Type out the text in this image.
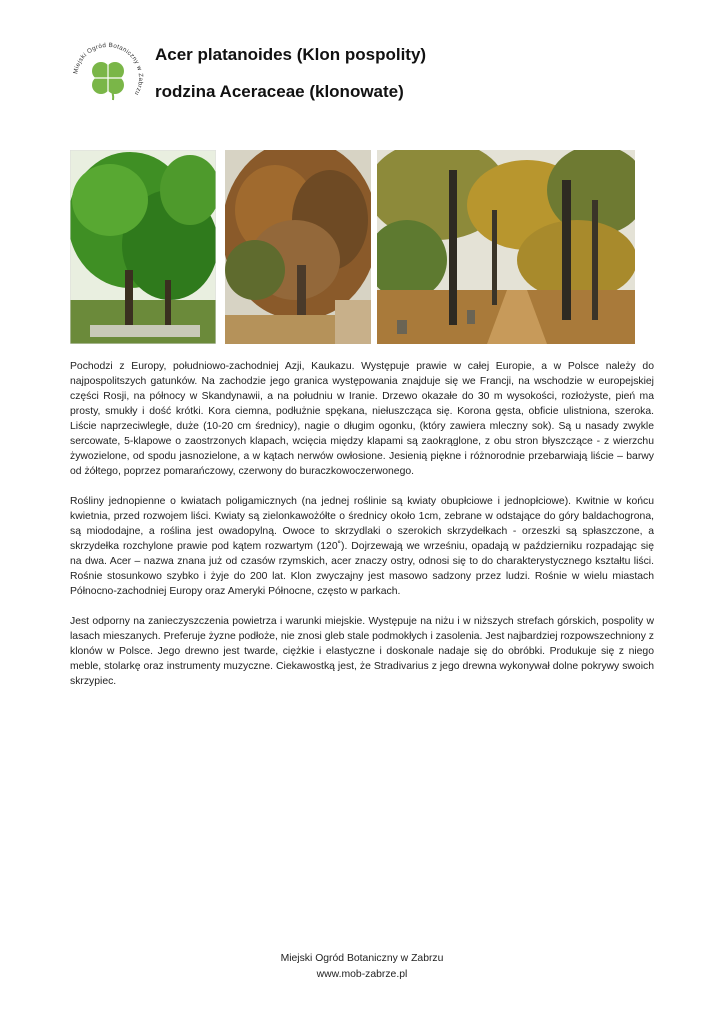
Miejski Ogród Botaniczny w Zabrzu
Acer platanoides (Klon pospolity)
rodzina Aceraceae (klonowate)

Pochodzi z Europy, południowo-zachodniej Azji, Kaukazu. Występuje prawie w całej Europie, a w Polsce należy do najpospolitszych gatunków. Na zachodzie jego granica występowania znajduje się we Francji, na wschodzie w europejskiej części Rosji, na północy w Skandynawii, a na południu w Iranie. Drzewo okazałe do 30 m wysokości, rozłożyste, pień ma prosty, smukły i dość krótki. Kora ciemna, podłużnie spękana, niełuszcząca się. Korona gęsta, obficie ulistniona, szeroka. Liście naprzeciwległe, duże (10-20 cm średnicy), nagie o długim ogonku, (który zawiera mleczny sok). Są u nasady zwykle sercowate, 5-klapowe o zaostrzonych klapach, wcięcia między klapami są zaokrąglone, z obu stron błyszczące - z wierzchu żywozielone, od spodu jasnozielone, a w kątach nerwów owłosione. Jesienią piękne i różnorodnie przebarwiają liście – barwy od żółtego, poprzez pomarańczowy, czerwony do buraczkowoczerwonego.

Rośliny jednopienne o kwiatach poligamicznych (na jednej roślinie są kwiaty obupłciowe i jednopłciowe). Kwitnie w końcu kwietnia, przed rozwojem liści. Kwiaty są zielonkawożółte o średnicy około 1cm, zebrane w odstające do góry baldachogrona, są miododajne, a roślina jest owadopylną. Owoce to skrzydlaki o szerokich skrzydełkach - orzeszki są spłaszczone, a skrzydełka rozchylone prawie pod kątem rozwartym (120˚). Dojrzewają we wrześniu, opadają w październiku rozpadając się na dwa. Acer – nazwa znana już od czasów rzymskich, acer znaczy ostry, odnosi się to do charakterystycznego kształtu liści. Rośnie stosunkowo szybko i żyje do 200 lat. Klon zwyczajny jest masowo sadzony przez ludzi. Rośnie w wielu miastach Północno-zachodniej Europy oraz Ameryki Północne, często w parkach.

Jest odporny na zanieczyszczenia powietrza i warunki miejskie. Występuje na niżu i w niższych strefach górskich, pospolity w lasach mieszanych. Preferuje żyzne podłoże, nie znosi gleb stale podmokłych i zasolenia. Jest najbardziej rozpowszechniony z klonów w Polsce. Jego drewno jest twarde, ciężkie i elastyczne i doskonale nadaje się do obróbki. Produkuje się z niego meble, stolarkę oraz instrumenty muzyczne. Ciekawostką jest, że Stradivarius z jego drewna wykonywał dolne pokrywy swoich skrzypiec.

Miejski Ogród Botaniczny w Zabrzu
www.mob-zabrze.pl
